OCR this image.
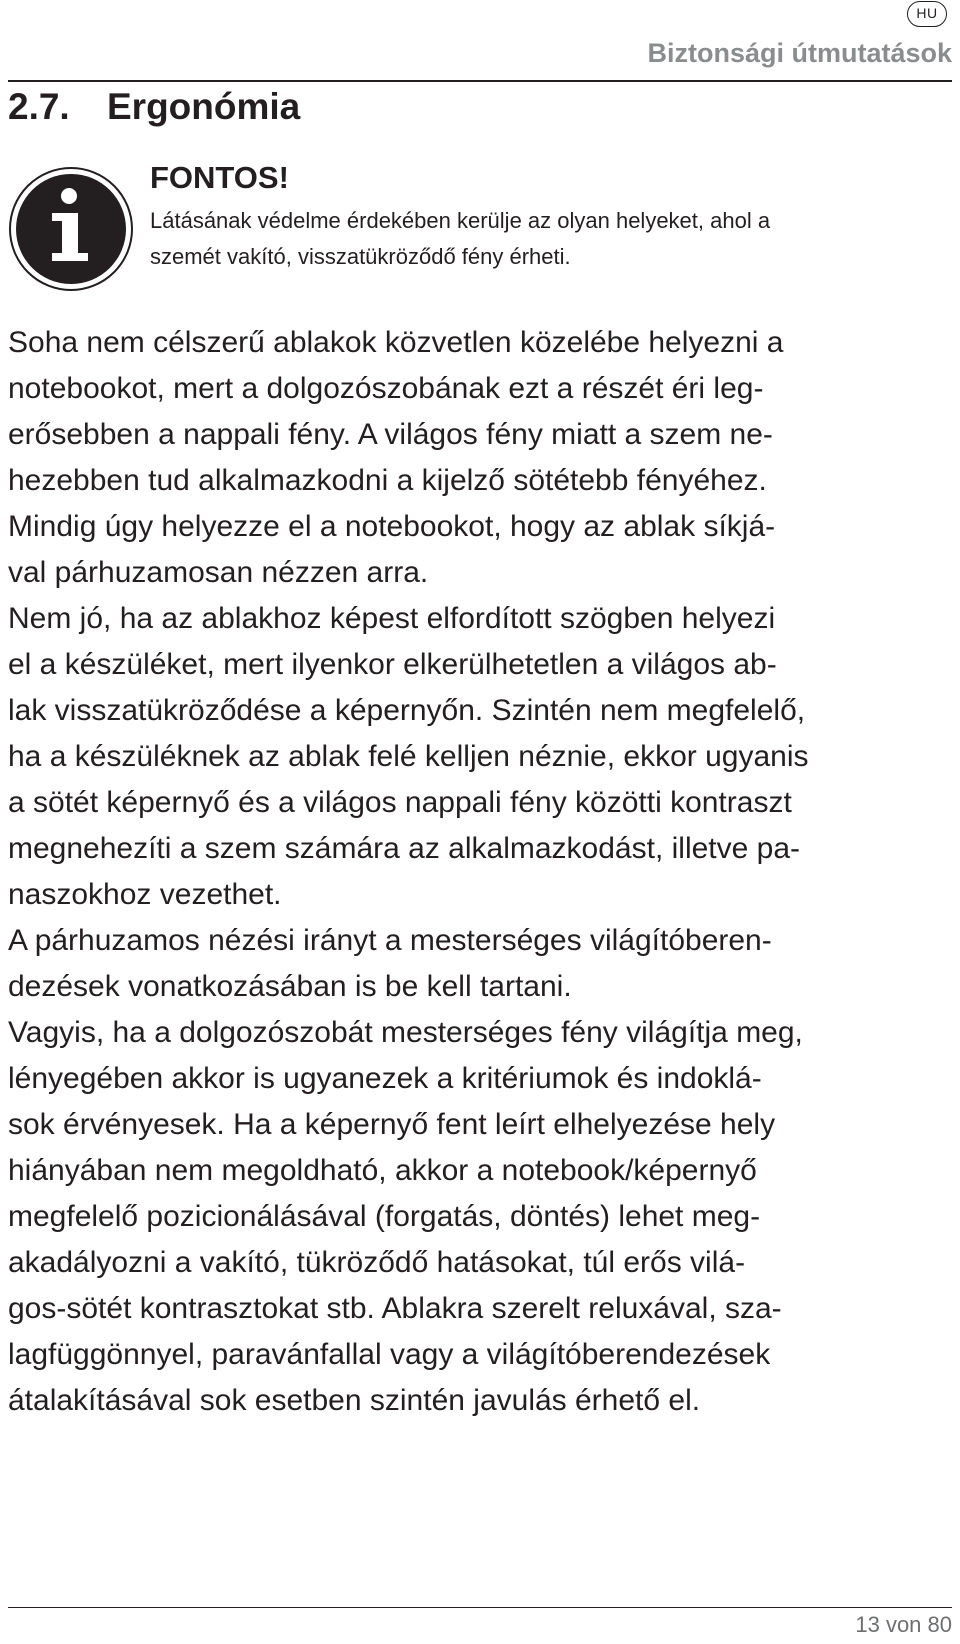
HU
Biztonsági útmutatások
2.7. Ergonómia
FONTOS!
Látásának védelme érdekében kerülje az olyan helyeket, ahol a
szemét vakító, visszatükröződő fény érheti.

Soha nem célszerű ablakok közvetlen közelébe helyezni a
notebookot, mert a dolgozószobának ezt a részét éri leg-
erősebben a nappali fény. A világos fény miatt a szem ne-
hezebben tud alkalmazkodni a kijelző sötétebb fényéhez.
Mindig úgy helyezze el a notebookot, hogy az ablak síkjá-
val párhuzamosan nézzen arra.

Nem jó, ha az ablakhoz képest elfordított szögben helyezi
el a készüléket, mert ilyenkor elkerülhetetlen a világos ab-
lak visszatükröződése a képernyőn. Szintén nem megfelelő,
ha a készüléknek az ablak felé kelljen néznie, ekkor ugyanis
a sötét képernyő és a világos nappali fény közötti kontraszt
megnehezíti a szem számára az alkalmazkodást, illetve pa-
naszokhoz vezethet.

A párhuzamos nézési irányt a mesterséges világítóberen-
dezések vonatkozásában is be kell tartani.

Vagyis, ha a dolgozószobát mesterséges fény világítja meg,
lényegében akkor is ugyanezek a kritériumok és indoklá-
sok érvényesek. Ha a képernyő fent leírt elhelyezése hely
hiányában nem megoldható, akkor a notebook/képernyő
megfelelő pozicionálásával (forgatás, döntés) lehet meg-
akadályozni a vakító, tükröződő hatásokat, túl erős vilá-
gos-sötét kontrasztokat stb. Ablakra szerelt reluxával, sza-
lagfüggönnyel, paravánfallal vagy a világítóberendezések
átalakításával sok esetben szintén javulás érhető el.

13 von 80
